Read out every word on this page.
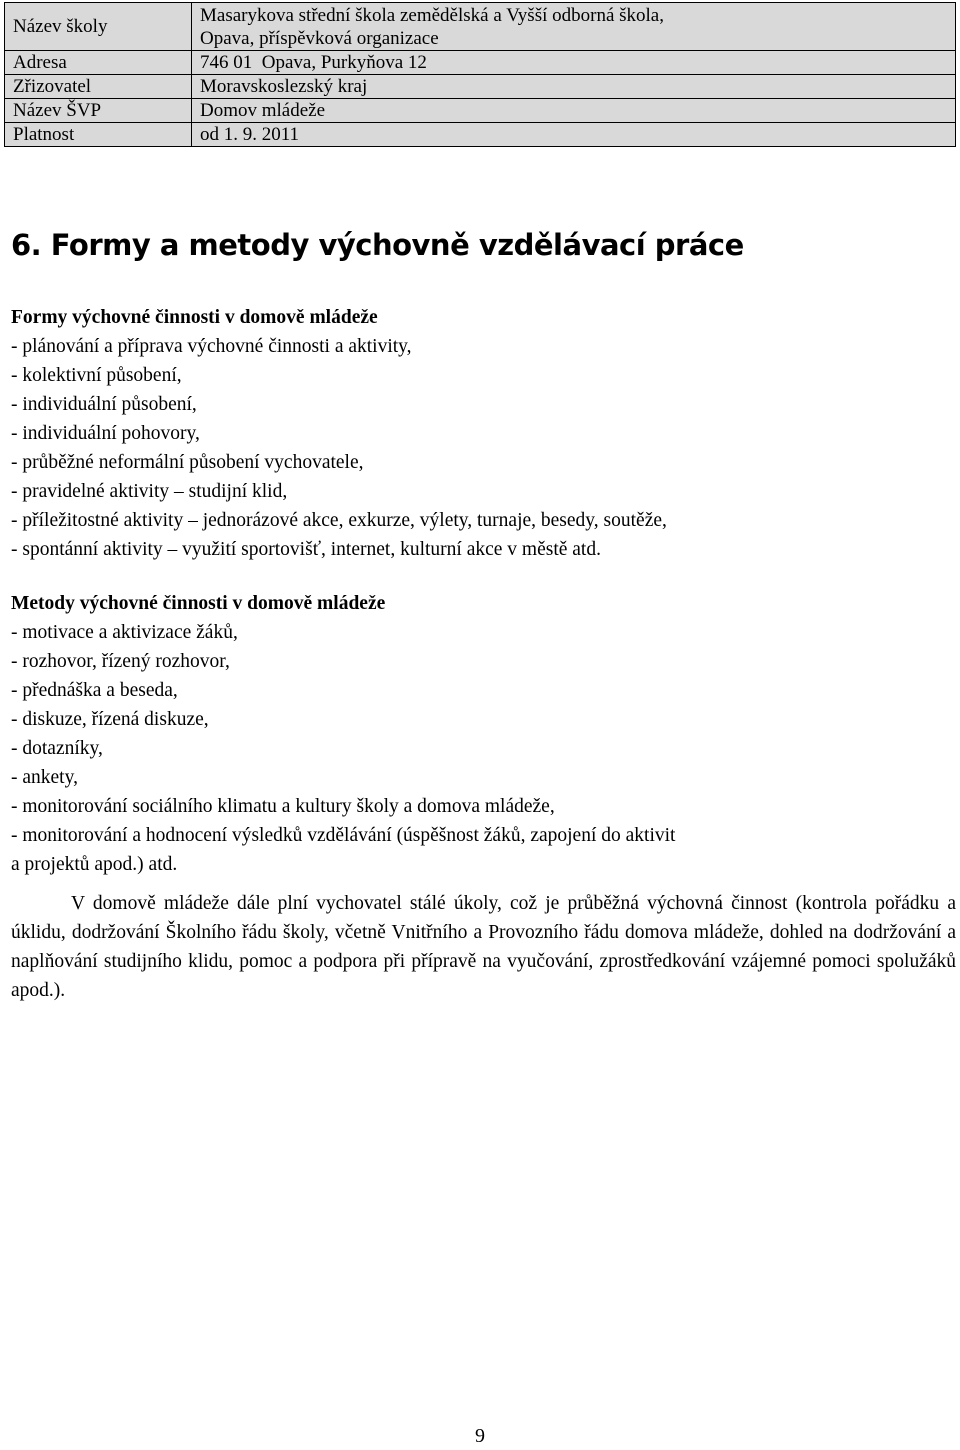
Název školy	Masarykova střední škola zemědělská a Vyšší odborná škola,
Opava, příspěvková organizace

Adresa	746 01  Opava, Purkyňova 12
Zřizovatel	Moravskoslezský kraj
Název ŠVP	Domov mládeže
Platnost	od 1. 9. 2011
6. Formy a metody výchovně vzdělávací práce
Formy výchovné činnosti v domově mládeže
- plánování a příprava výchovné činnosti a aktivity,
- kolektivní působení,
- individuální působení,
- individuální pohovory,
- průběžné neformální působení vychovatele,
- pravidelné aktivity – studijní klid,
- příležitostné aktivity – jednorázové akce, exkurze, výlety, turnaje, besedy, soutěže,
- spontánní aktivity – využití sportovišť, internet, kulturní akce v městě atd.
Metody výchovné činnosti v domově mládeže
- motivace a aktivizace žáků,
- rozhovor, řízený rozhovor,
- přednáška a beseda,
- diskuze, řízená diskuze,
- dotazníky,
- ankety,
- monitorování sociálního klimatu a kultury školy a domova mládeže,
- monitorování a hodnocení výsledků vzdělávání (úspěšnost žáků, zapojení do aktivit
a projektů apod.) atd.

V domově mládeže dále plní vychovatel stálé úkoly, což je průběžná výchovná činnost (kontrola pořádku a úklidu, dodržování Školního řádu školy, včetně Vnitřního a Provozního řádu domova mládeže, dohled na dodržování a naplňování studijního klidu, pomoc a podpora při přípravě na vyučování, zprostředkování vzájemné pomoci spolužáků apod.).

9
